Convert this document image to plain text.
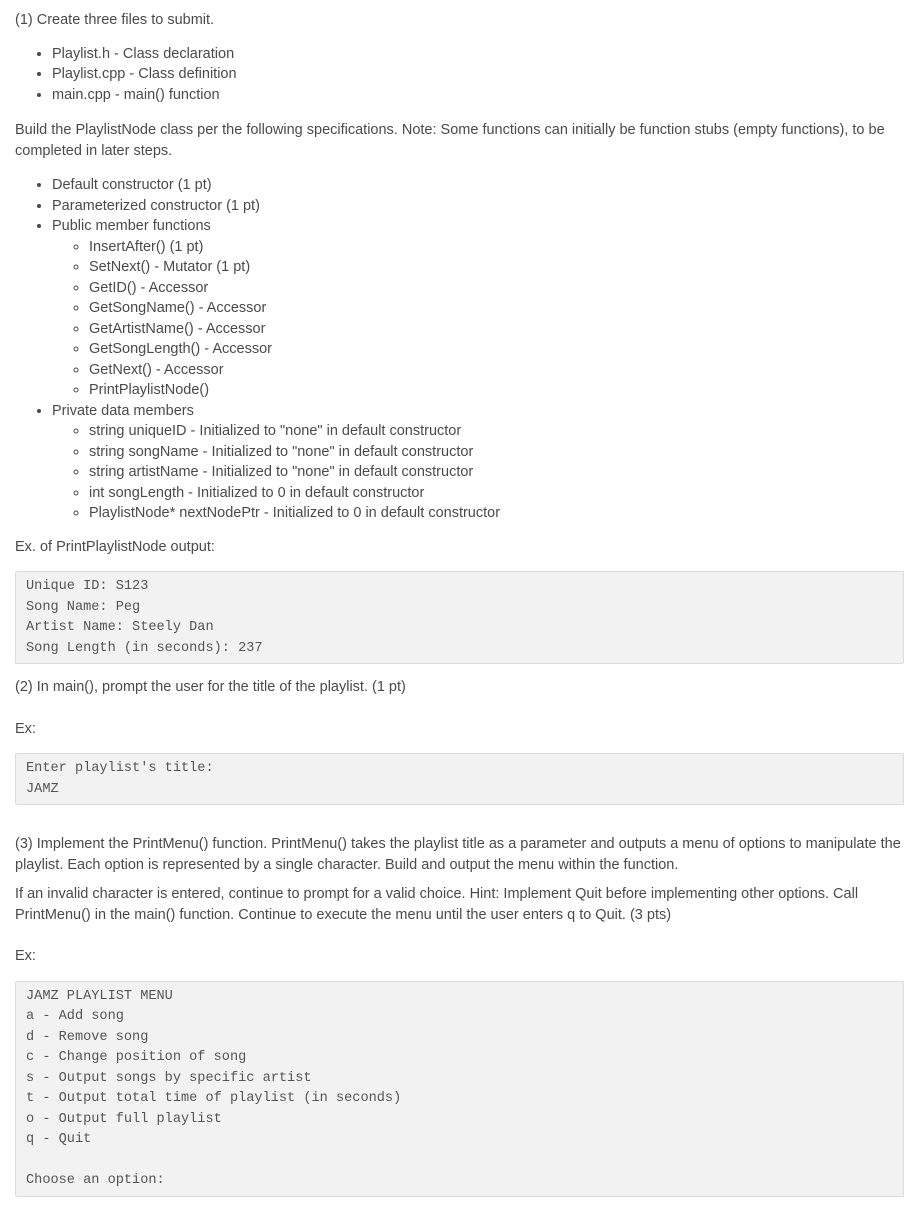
(1) Create three files to submit.

• Playlist.h - Class declaration
• Playlist.cpp - Class definition
• main.cpp - main() function

Build the PlaylistNode class per the following specifications. Note: Some functions can initially be function stubs (empty functions), to be completed in later steps.

• Default constructor (1 pt)
• Parameterized constructor (1 pt)
• Public member functions
◦ InsertAfter() (1 pt)
◦ SetNext() - Mutator (1 pt)
◦ GetID() - Accessor
◦ GetSongName() - Accessor
◦ GetArtistName() - Accessor
◦ GetSongLength() - Accessor
◦ GetNext() - Accessor
◦ PrintPlaylistNode()
• Private data members
◦ string uniqueID - Initialized to "none" in default constructor
◦ string songName - Initialized to "none" in default constructor
◦ string artistName - Initialized to "none" in default constructor
◦ int songLength - Initialized to 0 in default constructor
◦ PlaylistNode* nextNodePtr - Initialized to 0 in default constructor

Ex. of PrintPlaylistNode output:

Unique ID: S123
Song Name: Peg
Artist Name: Steely Dan
Song Length (in seconds): 237

(2) In main(), prompt the user for the title of the playlist. (1 pt)

Ex:

Enter playlist's title:
JAMZ

(3) Implement the PrintMenu() function. PrintMenu() takes the playlist title as a parameter and outputs a menu of options to manipulate the playlist. Each option is represented by a single character. Build and output the menu within the function.

If an invalid character is entered, continue to prompt for a valid choice. Hint: Implement Quit before implementing other options. Call PrintMenu() in the main() function. Continue to execute the menu until the user enters q to Quit. (3 pts)

Ex:

JAMZ PLAYLIST MENU
a - Add song
d - Remove song
c - Change position of song
s - Output songs by specific artist
t - Output total time of playlist (in seconds)
o - Output full playlist
q - Quit
Choose an option:
